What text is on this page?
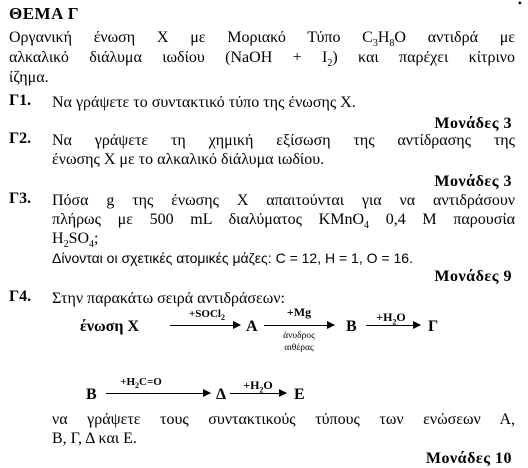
•
ΘΕΜΑ Γ
Οργανική ένωση Χ με Μοριακό Τύπο $C_3H_8O$ αντιδρά με
αλκαλικό διάλυμα ιωδίου (NaOH + $I_2$) και παρέχει κίτρινο
ίζημα.
Γ1. Να γράψετε το συντακτικό τύπο της ένωσης Χ.
Μονάδες 3
Γ2. Να γράψετε τη χημική εξίσωση της αντίδρασης της
ένωσης Χ με το αλκαλικό διάλυμα ιωδίου.
Μονάδες 3
Γ3. Πόσα g της ένωσης Χ απαιτούνται για να αντιδράσουν
πλήρως με 500 mL διαλύματος KMnO$_4$ 0,4 M παρουσία
$H_2SO_4$;
Δίνονται οι σχετικές ατομικές μάζες: C = 12, H = 1, O = 16.
Μονάδες 9
Γ4. Στην παρακάτω σειρά αντιδράσεων:
ένωση Χ
+SOCl$_2$
Α
+Mg
άνυδρος
αιθέρας
Β
$+H_2O$
Γ
Β
$+H_2C=O$
Δ
$+H_2O$
Ε
να γράψετε τους συντακτικούς τύπους των ενώσεων Α,
Β, Γ, Δ και Ε.
Μονάδες 10
